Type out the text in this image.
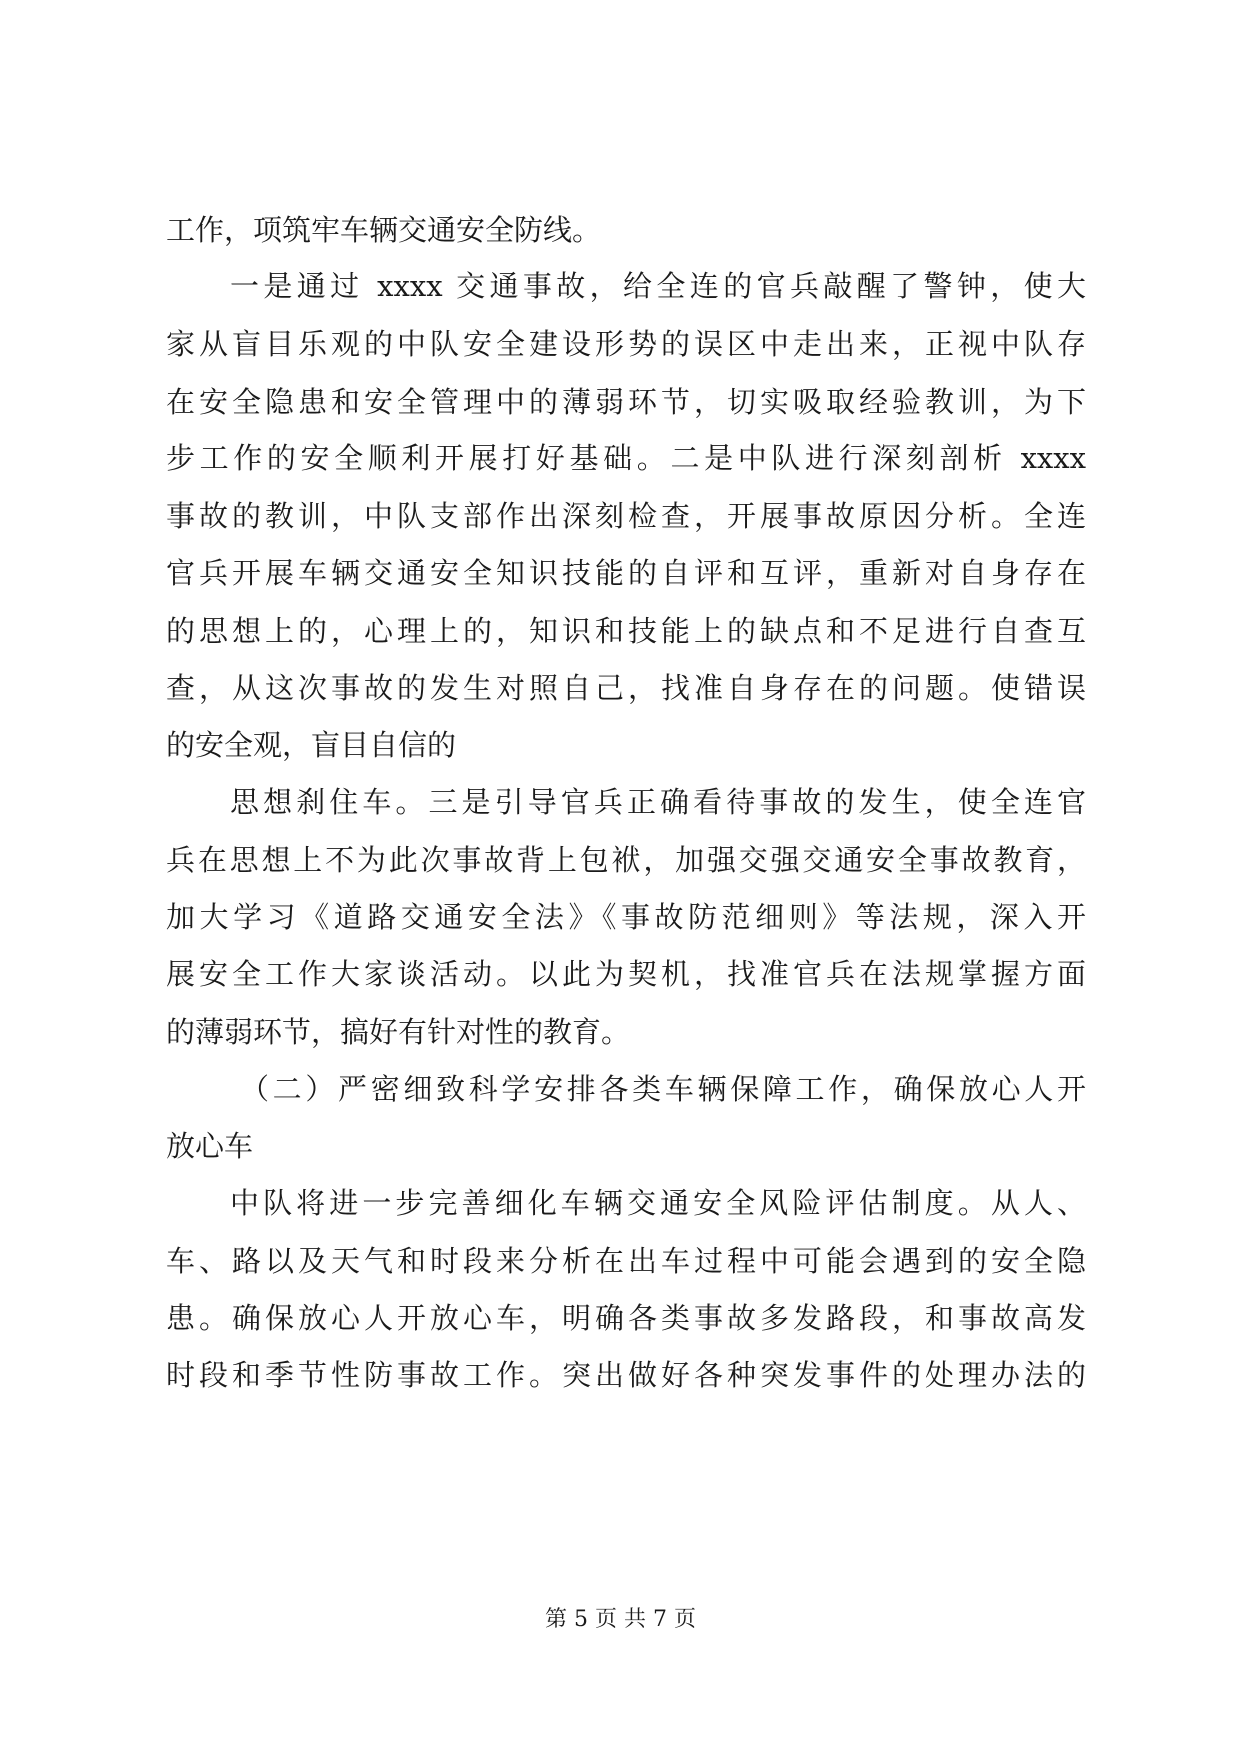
工作，项筑牢车辆交通安全防线。
一是通过 xxxx 交通事故，给全连的官兵敲醒了警钟，使大
家从盲目乐观的中队安全建设形势的误区中走出来，正视中队存
在安全隐患和安全管理中的薄弱环节，切实吸取经验教训，为下
步工作的安全顺利开展打好基础。二是中队进行深刻剖析 xxxx
事故的教训，中队支部作出深刻检查，开展事故原因分析。全连
官兵开展车辆交通安全知识技能的自评和互评，重新对自身存在
的思想上的，心理上的，知识和技能上的缺点和不足进行自查互
查，从这次事故的发生对照自己，找准自身存在的问题。使错误
的安全观，盲目自信的
思想刹住车。三是引导官兵正确看待事故的发生，使全连官
兵在思想上不为此次事故背上包袱，加强交强交通安全事故教育，
加大学习《道路交通安全法》《事故防范细则》等法规，深入开
展安全工作大家谈活动。以此为契机，找准官兵在法规掌握方面
的薄弱环节，搞好有针对性的教育。
（二）严密细致科学安排各类车辆保障工作，确保放心人开
放心车
中队将进一步完善细化车辆交通安全风险评估制度。从人、
车、路以及天气和时段来分析在出车过程中可能会遇到的安全隐
患。确保放心人开放心车，明确各类事故多发路段，和事故高发
时段和季节性防事故工作。突出做好各种突发事件的处理办法的
第 5 页 共 7 页
